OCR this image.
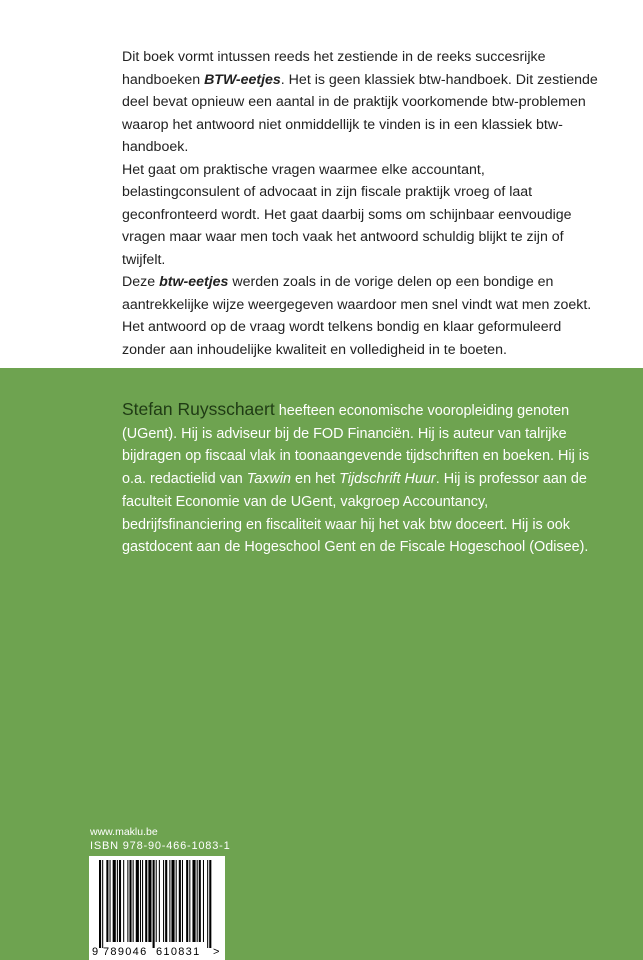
Dit boek vormt intussen reeds het zestiende in de reeks succesrijke handboeken BTW-eetjes. Het is geen klassiek btw-handboek. Dit zestiende deel bevat opnieuw een aantal in de praktijk voorkomende btw-problemen waarop het antwoord niet onmiddellijk te vinden is in een klassiek btw-handboek.

Het gaat om praktische vragen waarmee elke accountant, belastingconsulent of advocaat in zijn fiscale praktijk vroeg of laat geconfronteerd wordt. Het gaat daarbij soms om schijnbaar eenvoudige vragen maar waar men toch vaak het antwoord schuldig blijkt te zijn of twijfelt.

Deze btw-eetjes werden zoals in de vorige delen op een bondige en aantrekkelijke wijze weergegeven waardoor men snel vindt wat men zoekt.

Het antwoord op de vraag wordt telkens bondig en klaar geformuleerd zonder aan inhoudelijke kwaliteit en volledigheid in te boeten.

Stefan Ruysschaert heefteen economische vooropleiding genoten (UGent). Hij is adviseur bij de FOD Financiën. Hij is auteur van talrijke bijdragen op fiscaal vlak in toonaangevende tijdschriften en boeken. Hij is o.a. redactielid van Taxwin en het Tijdschrift Huur. Hij is professor aan de faculteit Economie van de UGent, vakgroep Accountancy, bedrijfsfinanciering en fiscaliteit waar hij het vak btw doceert. Hij is ook gastdocent aan de Hogeschool Gent en de Fiscale Hogeschool (Odisee).
www.maklu.be
ISBN 978-90-466-1083-1
9 789046 610831 >
